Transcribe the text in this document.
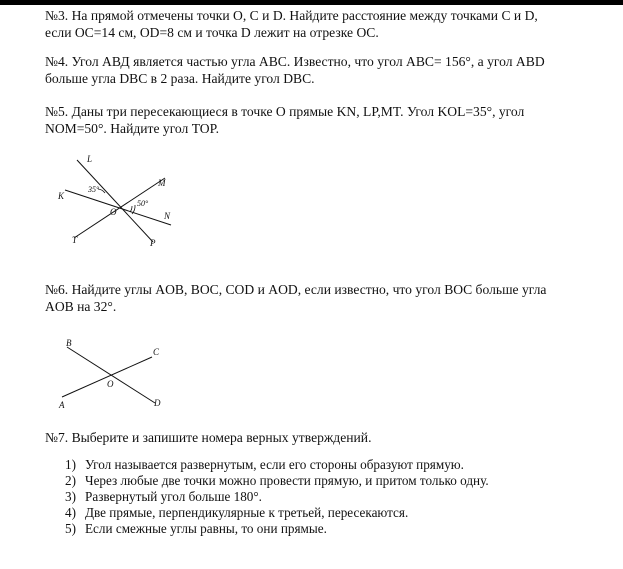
№3. На прямой отмечены точки O, C и D. Найдите расстояние между точками C и D,
если OC=14 см, OD=8 см и точка D лежит на отрезке OC.
№4. Угол АВД является частью угла АВС. Известно, что угол АВС= 156°, а угол ABD
больше угла DBC в 2 раза. Найдите угол DBC.
№5. Даны три пересекающиеся в точке О прямые KN, LP,MT. Угол KOL=35°, угол
NOM=50°. Найдите угол TOP.
L
K
M
N
T	P
O
35°
50°
№6. Найдите углы AOB, BOC, COD и AOD, если известно, что угол BOC больше угла
AOB на 32°.
B
C
O
A	D
№7. Выберите и запишите номера верных утверждений.
1) Угол называется развернутым, если его стороны образуют прямую.
2) Через любые две точки можно провести прямую, и притом только одну.
3) Развернутый угол больше 180°.
4) Две прямые, перпендикулярные к третьей, пересекаются.
5) Если смежные углы равны, то они прямые.
